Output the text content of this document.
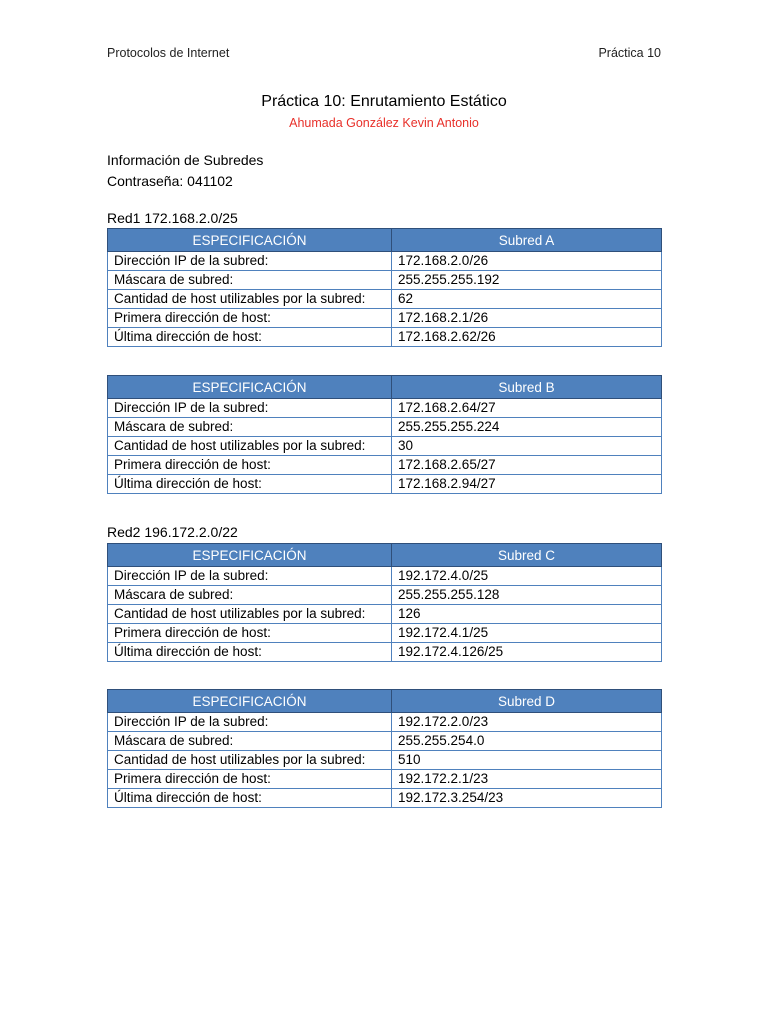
Protocolos de Internet	Práctica 10
Práctica 10: Enrutamiento Estático
Ahumada González Kevin Antonio
Información de Subredes
Contraseña: 041102
Red1 172.168.2.0/25
ESPECIFICACIÓN	Subred A
Dirección IP de la subred:	172.168.2.0/26
Máscara de subred:	255.255.255.192
Cantidad de host utilizables por la subred:	62
Primera dirección de host:	172.168.2.1/26
Última dirección de host:	172.168.2.62/26
ESPECIFICACIÓN	Subred B
Dirección IP de la subred:	172.168.2.64/27
Máscara de subred:	255.255.255.224
Cantidad de host utilizables por la subred:	30
Primera dirección de host:	172.168.2.65/27
Última dirección de host:	172.168.2.94/27
Red2 196.172.2.0/22
ESPECIFICACIÓN	Subred C
Dirección IP de la subred:	192.172.4.0/25
Máscara de subred:	255.255.255.128
Cantidad de host utilizables por la subred:	126
Primera dirección de host:	192.172.4.1/25
Última dirección de host:	192.172.4.126/25
ESPECIFICACIÓN	Subred D
Dirección IP de la subred:	192.172.2.0/23
Máscara de subred:	255.255.254.0
Cantidad de host utilizables por la subred:	510
Primera dirección de host:	192.172.2.1/23
Última dirección de host:	192.172.3.254/23
